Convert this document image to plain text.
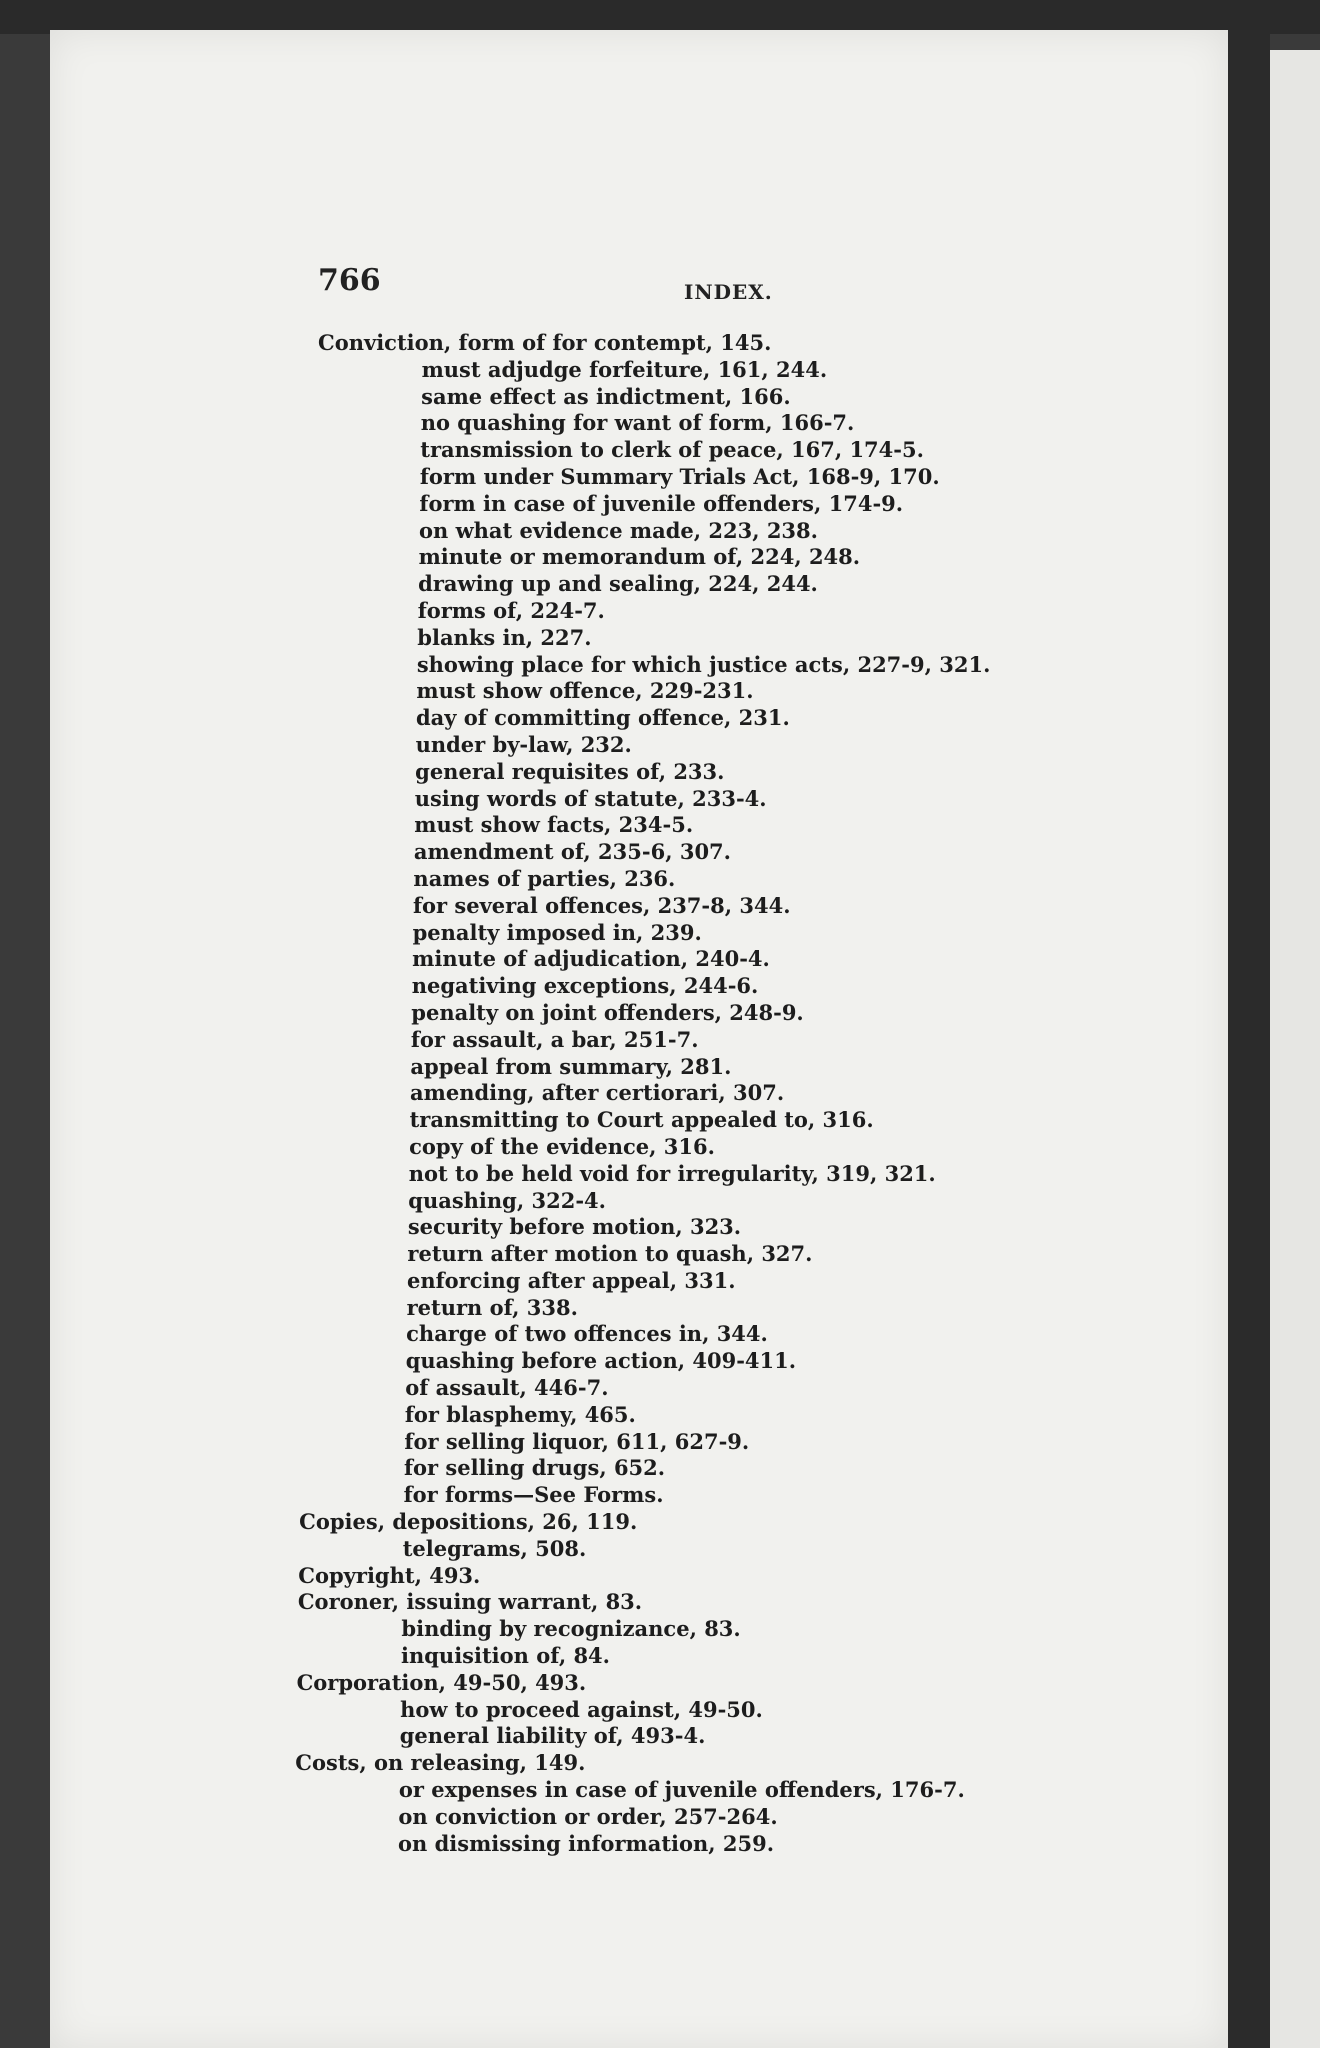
766	INDEX.
Conviction, form of for contempt, 145.
must adjudge forfeiture, 161, 244.
same effect as indictment, 166.
no quashing for want of form, 166-7.
transmission to clerk of peace, 167, 174-5.
form under Summary Trials Act, 168-9, 170.
form in case of juvenile offenders, 174-9.
on what evidence made, 223, 238.
minute or memorandum of, 224, 248.
drawing up and sealing, 224, 244.
forms of, 224-7.
blanks in, 227.
showing place for which justice acts, 227-9, 321.
must show offence, 229-231.
day of committing offence, 231.
under by-law, 232.
general requisites of, 233.
using words of statute, 233-4.
must show facts, 234-5.
amendment of, 235-6, 307.
names of parties, 236.
for several offences, 237-8, 344.
penalty imposed in, 239.
minute of adjudication, 240-4.
negativing exceptions, 244-6.
penalty on joint offenders, 248-9.
for assault, a bar, 251-7.
appeal from summary, 281.
amending, after certiorari, 307.
transmitting to Court appealed to, 316.
copy of the evidence, 316.
not to be held void for irregularity, 319, 321.
quashing, 322-4.
security before motion, 323.
return after motion to quash, 327.
enforcing after appeal, 331.
return of, 338.
charge of two offences in, 344.
quashing before action, 409-411.
of assault, 446-7.
for blasphemy, 465.
for selling liquor, 611, 627-9.
for selling drugs, 652.
for forms—See Forms.
Copies, depositions, 26, 119.
telegrams, 508.
Copyright, 493.
Coroner, issuing warrant, 83.
binding by recognizance, 83.
inquisition of, 84.
Corporation, 49-50, 493.
how to proceed against, 49-50.
general liability of, 493-4.
Costs, on releasing, 149.
or expenses in case of juvenile offenders, 176-7.
on conviction or order, 257-264.
on dismissing information, 259.
